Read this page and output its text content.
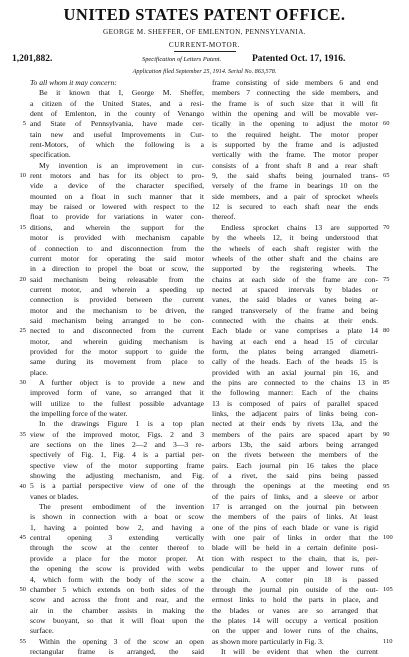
UNITED STATES PATENT OFFICE.
GEORGE M. SHEFFER, OF EMLENTON, PENNSYLVANIA.
CURRENT-MOTOR.
1,201,882.	Specification of Letters Patent.	Patented Oct. 17, 1916.
Application filed September 25, 1914. Serial No. 863,578.
To all whom it may concern:
Be it known that I, George M. Sheffer,
a citizen of the United States, and a resi-
dent of Emlenton, in the county of Venango
and State of Pennsylvania, have made cer-
tain new and useful Improvements in Cur-
rent-Motors, of which the following is a
specification.
My invention is an improvement in cur-
rent motors and has for its object to pro-
vide a device of the character specified,
mounted on a float in such manner that it
may be raised or lowered with respect to the
float to provide for variations in water con-
ditions, and wherein the support for the
motor is provided with mechanism capable
of connection to and disconnection from the
current motor for operating the said motor
in a direction to propel the boat or scow, the
said mechanism being releasable from the
current motor, and wherein a speeding up
connection is provided between the current
motor and the mechanism to be driven, the
said mechanism being arranged to be con-
nected to and disconnected from the current
motor, and wherein guiding mechanism is
provided for the motor support to guide the
same during its movement from place to
place.
A further object is to provide a new and
improved form of vane, so arranged that it
will utilize to the fullest possible advantage
the impelling force of the water.
In the drawings Figure 1 is a top plan
view of the improved motor, Figs. 2 and 3
are sections on the lines 2—2 and 3—3 re-
spectively of Fig. 1, Fig. 4 is a partial per-
spective view of the motor supporting frame
showing the adjusting mechanism, and Fig.
5 is a partial perspective view of one of the
vanes or blades.
The present embodiment of the invention
is shown in connection with a boat or scow
1, having a pointed bow 2, and having a
central opening 3 extending vertically
through the scow at the center thereof to
provide a place for the motor proper. At
the opening the scow is provided with webs
4, which form with the body of the scow a
chamber 5 which extends on both sides of the
scow and across the front and rear, and the
air in the chamber assists in making the
scow buoyant, so that it will float upon the
surface.
Within the opening 3 of the scow an open
rectangular frame is arranged, the said
frame consisting of side members 6 and end
members 7 connecting the side members, and
the frame is of such size that it will fit
within the opening and will be movable ver-
tically in the opening to adjust the motor
to the required height. The motor proper
is supported by the frame and is adjusted
vertically with the frame. The motor proper
consists of a front shaft 8 and a rear shaft
9, the said shafts being journaled trans-
versely of the frame in bearings 10 on the
side members, and a pair of sprocket wheels
12 is secured to each shaft near the ends
thereof.
Endless sprocket chains 13 are supported
by the wheels 12, it being understood that
the wheels of each shaft register with the
wheels of the other shaft and the chains are
supported by the registering wheels. The
chains at each side of the frame are con-
nected at spaced intervals by blades or
vanes, the said blades or vanes being ar-
ranged transversely of the frame and being
connected with the chains at their ends.
Each blade or vane comprises a plate 14
having at each end a head 15 of circular
form, the plates being arranged diametri-
cally of the heads. Each of the heads 15 is
provided with an axial journal pin 16, and
the pins are connected to the chains 13 in
the following manner: Each of the chains
13 is composed of pairs of parallel spaced
links, the adjacent pairs of links being con-
nected at their ends by rivets 13a, and the
members of the pairs are spaced apart by
arbors 13b, the said arbors being arranged
on the rivets between the members of the
pairs. Each journal pin 16 takes the place
of a rivet, the said pins being passed
through the openings at the meeting end
of the pairs of links, and a sleeve or arbor
17 is arranged on the journal pin between
the members of the pairs of links. At least
one of the pins of each blade or vane is rigid
with one pair of links in order that the
blade will be held in a certain definite posi-
tion with respect to the chain, that is, per-
pendicular to the upper and lower runs of
the chain. A cotter pin 18 is passed
through the journal pin outside of the out-
ermost links to hold the parts in place, and
the blades or vanes are so arranged that
the plates 14 will occupy a vertical position
on the upper and lower runs of the chains,
as shown more particularly in Fig. 3.
It will be evident that when the current
5
10
15
20
25
30
35
40
45
50
55
60
65
70
75
80
85
90
95
100
105
110
